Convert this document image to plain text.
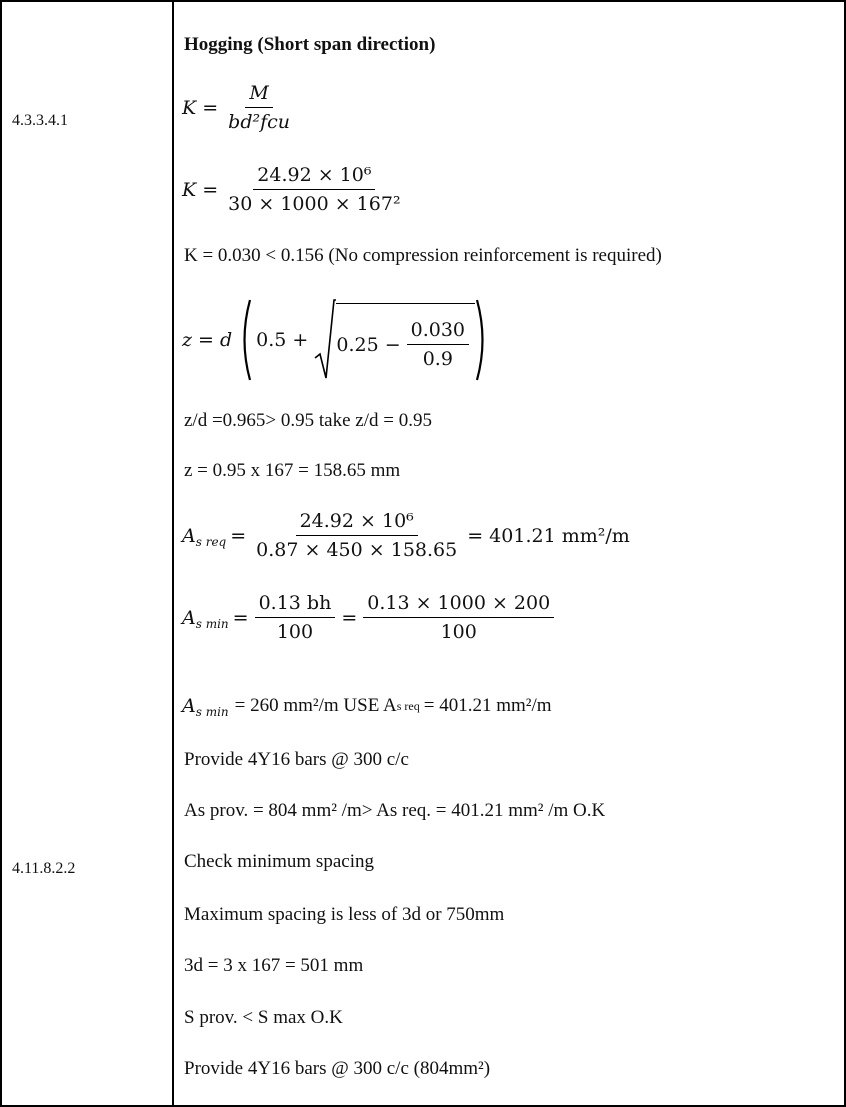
4.3.3.4.1
4.11.8.2.2
Hogging (Short span direction)
$K = \frac{M}{\text{bd²fcu}}$
$K = \frac{\text{24.92 × 10⁶}}{\text{30 × 1000 × 167²}}$
K = 0.030 < 0.156 (No compression reinforcement is required)
z = d $0.5 + 0.25 - \frac{0.030}{0.9}$
z/d =0.965> 0.95 take z/d = 0.95
z = 0.95 x 167 = 158.65 mm
$A_{s req} = \frac{\text{24.92 × 10⁶}}{0.87 \times 450 \times 158.65} = 401.21$ mm²/m
$A_{s min} = \frac{0.13 bh}{100} = \frac{0.13 \times 1000 \times 200}{100}$
$A_{s min} = 260$ mm²/m USE A s req = 401.21 mm²/m
Provide 4Y16 bars @ 300 c/c
As prov. = 804 mm² /m> As req. = 401.21 mm² /m O.K
Check minimum spacing
Maximum spacing is less of 3d or 750mm
3d = 3 x 167 = 501 mm
S prov. < S max O.K
Provide 4Y16 bars @ 300 c/c (804mm²)
